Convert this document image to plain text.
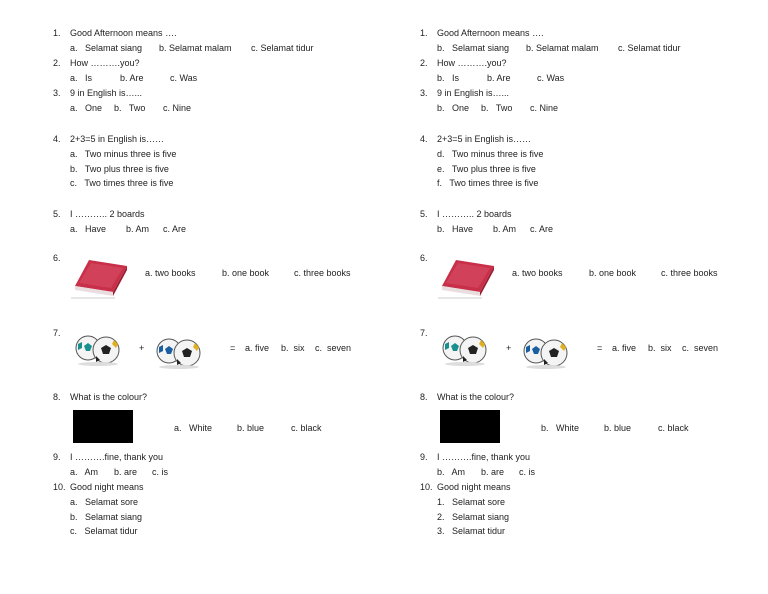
1. Good Afternoon means ….
a.   Selamat siang b. Selamat malam c. Selamat tidur
2. How ……….you?
a.   Is	b. Are	c. Was
3. 9 in English is…...
a.   One b.   Two c. Nine
4. 2+3=5 in English is……
a.   Two minus three is five
b.   Two plus three is five
c.   Two times three is five
5. I ……….. 2 boards
a.   Have b. Am c. Are
6.
a. two books	b. one book	c. three books
7.
+	= a. five b.  six c.  seven
8. What is the colour?
a.   White	b. blue	c. black
9. I ……….fine, thank you
a.   Am b. are c. is
10. Good night means
a.   Selamat sore
b.   Selamat siang
c.   Selamat tidur
1. Good Afternoon means ….
b.   Selamat siang b. Selamat malam c. Selamat tidur
2. How ……….you?
b.   Is	b. Are	c. Was
3. 9 in English is…...
b.   One b.   Two c. Nine
4. 2+3=5 in English is……
d.   Two minus three is five
e.   Two plus three is five
f.   Two times three is five
5. I ……….. 2 boards
b.   Have b. Am c. Are
6.
a. two books	b. one book	c. three books
7.
+	= a. five b.  six c.  seven
8. What is the colour?
b.   White	b. blue	c. black
9. I ……….fine, thank you
b.   Am b. are c. is
10. Good night means
1.   Selamat sore
2.   Selamat siang
3.   Selamat tidur
